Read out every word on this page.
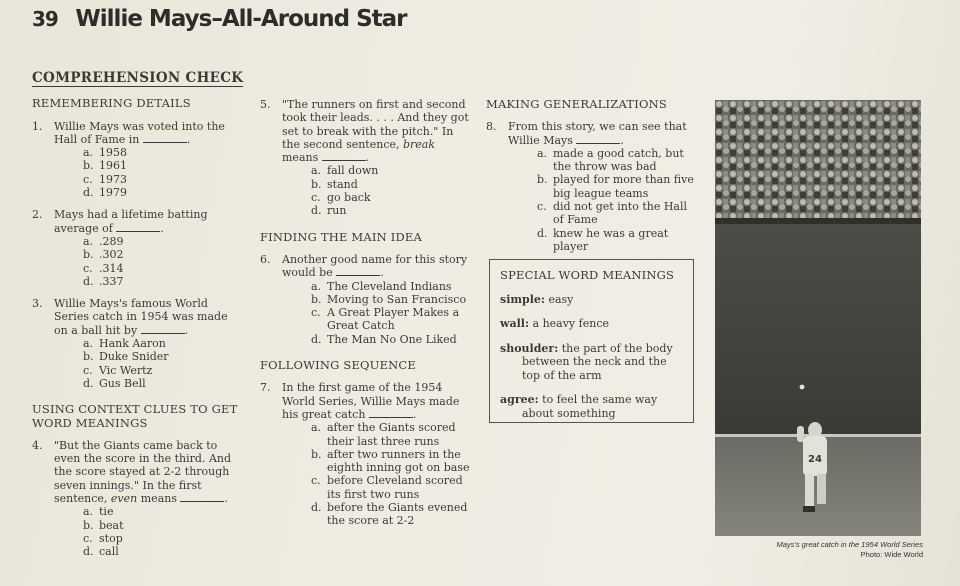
39 Willie Mays–All-Around Star
COMPREHENSION CHECK
REMEMBERING DETAILS
1. Willie Mays was voted into the Hall of Fame in	.
a. 1958
b. 1961
c. 1973
d. 1979
2. Mays had a lifetime batting average of	.
a. .289
b. .302
c. .314
d. .337
3. Willie Mays's famous World Series catch in 1954 was made on a ball hit by	.
a. Hank Aaron
b. Duke Snider
c. Vic Wertz
d. Gus Bell
USING CONTEXT CLUES TO GET WORD MEANINGS
4. "But the Giants came back to even the score in the third. And the score stayed at 2-2 through seven innings." In the first sentence, even means	.
a. tie
b. beat
c. stop
d. call
5. "The runners on first and second took their leads. . . . And they got set to break with the pitch." In the second sentence, break means	.
a. fall down
b. stand
c. go back
d. run
FINDING THE MAIN IDEA
6. Another good name for this story would be	.
a. The Cleveland Indians
b. Moving to San Francisco
c. A Great Player Makes a Great Catch
d. The Man No One Liked
FOLLOWING SEQUENCE
7. In the first game of the 1954 World Series, Willie Mays made his great catch	.
a. after the Giants scored their last three runs
b. after two runners in the eighth inning got on base
c. before Cleveland scored its first two runs
d. before the Giants evened the score at 2-2
MAKING GENERALIZATIONS
8. From this story, we can see that Willie Mays	.
a. made a good catch, but the throw was bad
b. played for more than five big league teams
c. did not get into the Hall of Fame
d. knew he was a great player
SPECIAL WORD MEANINGS
simple: easy
wall: a heavy fence
shoulder: the part of the body between the neck and the top of the arm
agree: to feel the same way about something
24
Mays's great catch in the 1954 World Series
Photo: Wide World
